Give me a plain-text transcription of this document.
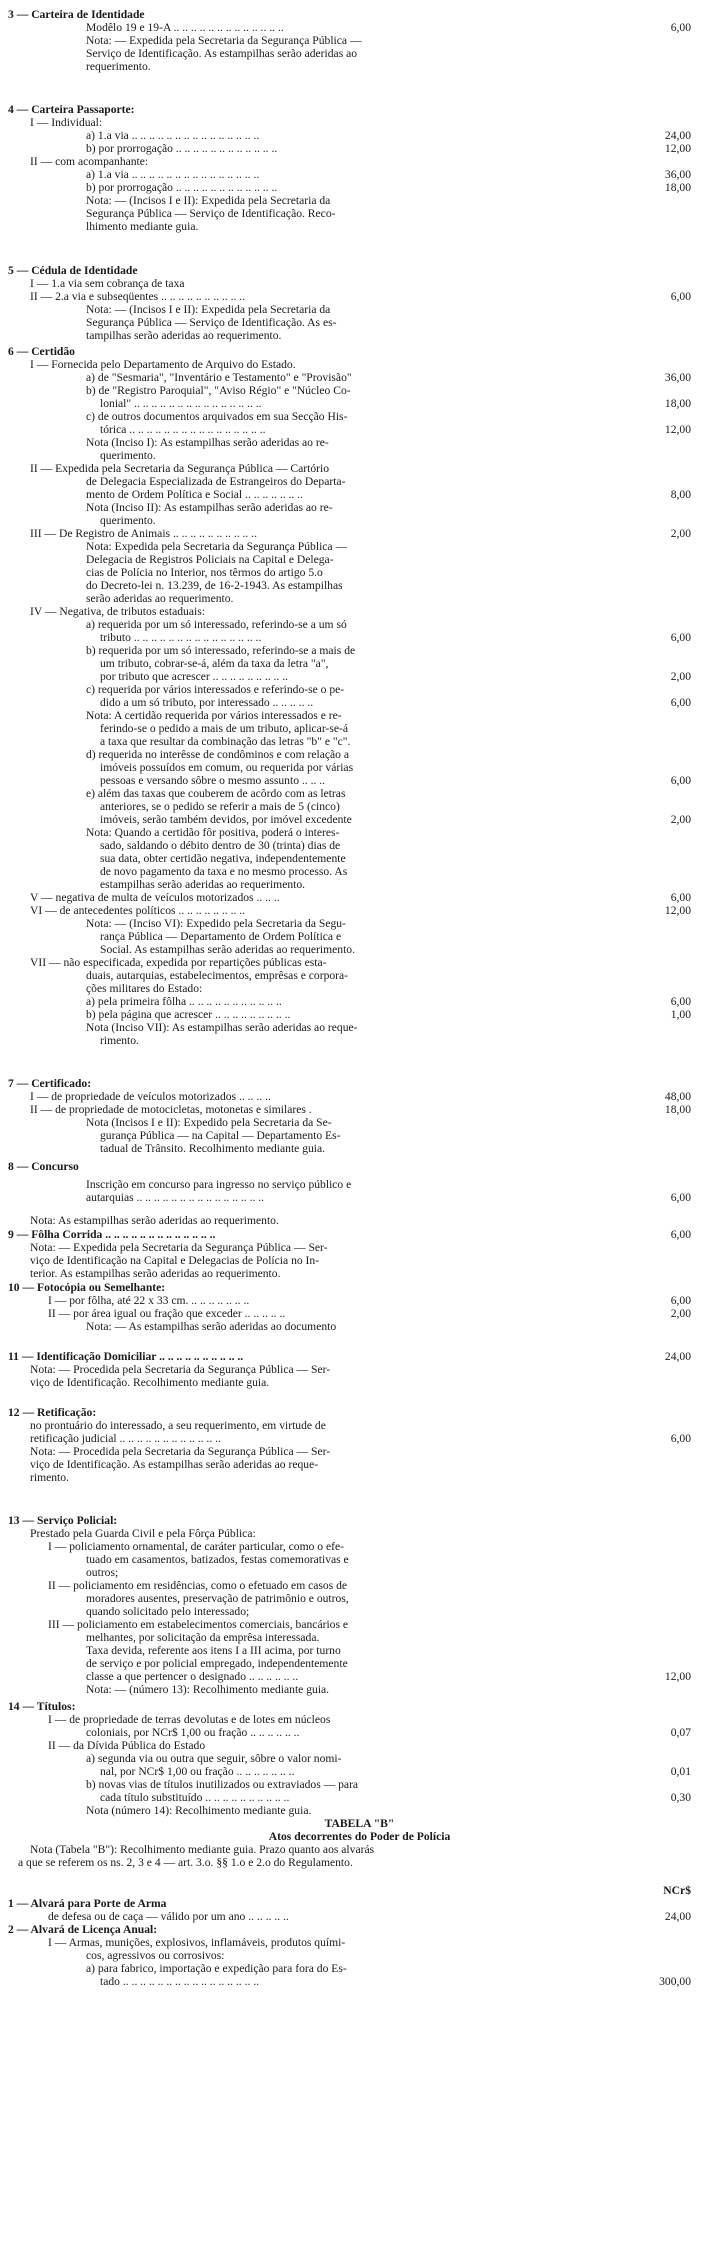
3 — Carteira de Identidade
Modêlo 19 e 19-A .. .. .. .. .. .. .. .. .. .. .. .. ..	6,00
Nota: — Expedida pela Secretaria da Segurança Pública —
Serviço de Identificação. As estampilhas serão aderidas ao
requerimento.
4 — Carteira Passaporte:
I — Individual:
a) 1.a via .. .. .. .. .. .. .. .. .. .. .. .. .. .. ..	24,00
b) por prorrogação .. .. .. .. .. .. .. .. .. .. .. ..	12,00
II — com acompanhante:
a) 1.a via .. .. .. .. .. .. .. .. .. .. .. .. .. .. ..	36,00
b) por prorrogação .. .. .. .. .. .. .. .. .. .. .. ..	18,00
Nota: — (Incisos I e II): Expedida pela Secretaria da
Segurança Pública — Serviço de Identificação. Reco-
lhimento mediante guia.
5 — Cédula de Identidade
I — 1.a via sem cobrança de taxa
II — 2.a via e subseqüentes .. .. .. .. .. .. .. .. .. ..	6,00
Nota: — (Incisos I e II): Expedida pela Secretaria da
Segurança Pública — Serviço de Identificação. As es-
tampilhas serão aderidas ao requerimento.
6 — Certidão
I — Fornecida pelo Departamento de Arquivo do Estado.
a) de "Sesmaria", "Inventário e Testamento" e "Provisão"	36,00
b) de "Registro Paroquial", "Aviso Régio" e "Núcleo Co-
lonial" .. .. .. .. .. .. .. .. .. .. .. .. .. .. ..	18,00
c) de outros documentos arquivados em sua Secção His-
tórica .. .. .. .. .. .. .. .. .. .. .. .. .. .. .. ..	12,00
Nota (Inciso I): As estampilhas serão aderidas ao re-
querimento.
II — Expedida pela Secretaria da Segurança Pública — Cartório
de Delegacia Especializada de Estrangeiros do Departa-
mento de Ordem Política e Social .. .. .. .. .. .. ..	8,00
Nota (Inciso II): As estampilhas serão aderidas ao re-
querimento.
III — De Registro de Animais .. .. .. .. .. .. .. .. .. ..	2,00
Nota: Expedida pela Secretaria da Segurança Pública —
Delegacia de Registros Policiais na Capital e Delega-
cias de Polícia no Interior, nos têrmos do artigo 5.o
do Decreto-lei n. 13.239, de 16-2-1943. As estampilhas
serão aderidas ao requerimento.
IV — Negativa, de tributos estaduais:
a) requerida por um só interessado, referindo-se a um só
tributo .. .. .. .. .. .. .. .. .. .. .. .. .. .. ..	6,00
b) requerida por um só interessado, referindo-se a mais de
um tributo, cobrar-se-á, além da taxa da letra "a",
por tributo que acrescer .. .. .. .. .. .. .. .. ..	2,00
c) requerida por vários interessados e referindo-se o pe-
dido a um só tributo, por interessado .. .. .. .. ..	6,00
Nota: A certidão requerida por vários interessados e re-
ferindo-se o pedido a mais de um tributo, aplicar-se-á
a taxa que resultar da combinação das letras "b" e "c".
d) requerida no interêsse de condôminos e com relação a
imóveis possuídos em comum, ou requerida por várias
pessoas e versando sôbre o mesmo assunto .. .. ..	6,00
e) além das taxas que couberem de acôrdo com as letras
anteriores, se o pedido se referir a mais de 5 (cinco)
imóveis, serão também devidos, por imóvel excedente	2,00
Nota: Quando a certidão fôr positiva, poderá o interes-
sado, saldando o débito dentro de 30 (trinta) dias de
sua data, obter certidão negativa, independentemente
de novo pagamento da taxa e no mesmo processo. As
estampilhas serão aderidas ao requerimento.
V — negativa de multa de veículos motorizados .. .. ..	6,00
VI — de antecedentes políticos .. .. .. .. .. .. .. ..	12,00
Nota: — (Inciso VI): Expedido pela Secretaria da Segu-
rança Pública — Departamento de Ordem Política e
Social. As estampilhas serão aderidas ao requerimento.
VII — não especificada, expedida por repartições públicas esta-
duais, autarquias, estabelecimentos, emprêsas e corpora-
ções militares do Estado:
a) pela primeira fôlha .. .. .. .. .. .. .. .. .. .. ..	6,00
b) pela página que acrescer .. .. .. .. .. .. .. .. ..	1,00
Nota (Inciso VII): As estampilhas serão aderidas ao reque-
rimento.
7 — Certificado:
I — de propriedade de veículos motorizados .. .. .. ..	48,00
II — de propriedade de motocicletas, motonetas e similares .	18,00
Nota (Incisos I e II): Expedido pela Secretaria da Se-
gurança Pública — na Capital — Departamento Es-
tadual de Trânsito. Recolhimento mediante guia.
8 — Concurso
Inscrição em concurso para ingresso no serviço público e
autarquias .. .. .. .. .. .. .. .. .. .. .. .. .. .. ..	6,00
Nota: As estampilhas serão aderidas ao requerimento.
9 — Fôlha Corrida .. .. .. .. .. .. .. .. .. .. .. .. ..	6,00
Nota: — Expedida pela Secretaria da Segurança Pública — Ser-
viço de Identificação na Capital e Delegacias de Polícia no In-
terior. As estampilhas serão aderidas ao requerimento.
10 — Fotocópia ou Semelhante:
I — por fôlha, até 22 x 33 cm. .. .. .. .. .. .. ..	6,00
II — por área igual ou fração que exceder .. .. .. .. ..	2,00
Nota: — As estampilhas serão aderidas ao documento
11 — Identificação Domiciliar .. .. .. .. .. .. .. .. .. ..	24,00
Nota: — Procedida pela Secretaria da Segurança Pública — Ser-
viço de Identificação. Recolhimento mediante guia.
12 — Retificação:
no prontuário do interessado, a seu requerimento, em virtude de
retificação judicial .. .. .. .. .. .. .. .. .. .. .. ..	6,00
Nota: — Procedida pela Secretaria da Segurança Pública — Ser-
viço de Identificação. As estampilhas serão aderidas ao reque-
rimento.
13 — Serviço Policial:
Prestado pela Guarda Civil e pela Fôrça Pública:
I — policiamento ornamental, de caráter particular, como o efe-
tuado em casamentos, batizados, festas comemorativas e
outros;
II — policiamento em residências, como o efetuado em casos de
moradores ausentes, preservação de patrimônio e outros,
quando solicitado pelo interessado;
III — policiamento em estabelecimentos comerciais, bancários e
melhantes, por solicitação da emprêsa interessada.
Taxa devida, referente aos itens I a III acima, por turno
de serviço e por policial empregado, independentemente
classe a que pertencer o designado .. .. .. .. .. ..	12,00
Nota: — (número 13): Recolhimento mediante guia.
14 — Títulos:
I — de propriedade de terras devolutas e de lotes em núcleos
coloniais, por NCr$ 1,00 ou fração .. .. .. .. .. ..	0,07
II — da Dívida Pública do Estado
a) segunda via ou outra que seguir, sôbre o valor nomi-
nal, por NCr$ 1,00 ou fração .. .. .. .. .. .. ..	0,01
b) novas vias de títulos inutilizados ou extraviados — para
cada título substituído .. .. .. .. .. .. .. .. .. ..	0,30
Nota (número 14): Recolhimento mediante guia.
TABELA "B"
Atos decorrentes do Poder de Polícia
Nota (Tabela "B"): Recolhimento mediante guia. Prazo quanto aos alvarás
a que se referem os ns. 2, 3 e 4 — art. 3.o. §§ 1.o e 2.o do Regulamento.
NCr$
1 — Alvará para Porte de Arma
de defesa ou de caça — válido por um ano .. .. .. .. ..	24,00
2 — Alvará de Licença Anual:
I — Armas, munições, explosivos, inflamáveis, produtos quími-
cos, agressivos ou corrosivos:
a) para fabrico, importação e expedição para fora do Es-
tado .. .. .. .. .. .. .. .. .. .. .. .. .. .. .. ..	300,00
